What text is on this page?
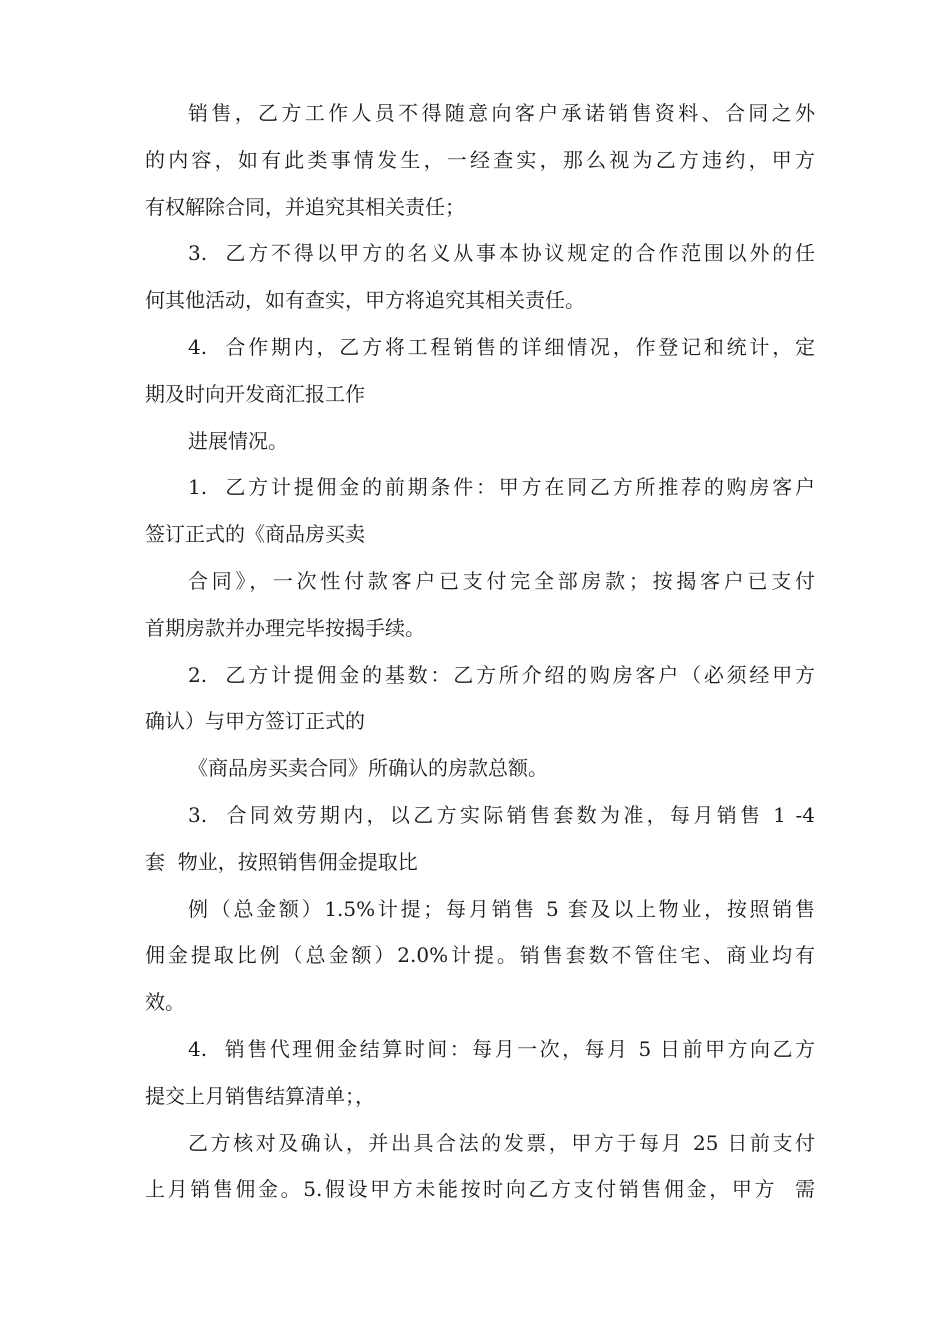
销售，乙方工作人员不得随意向客户承诺销售资料、合同之外
的内容，如有此类事情发生，一经查实，那么视为乙方违约，甲方
有权解除合同，并追究其相关责任；
3.  乙方不得以甲方的名义从事本协议规定的合作范围以外的任
何其他活动，如有查实，甲方将追究其相关责任。
4.  合作期内，乙方将工程销售的详细情况，作登记和统计，定
期及时向开发商汇报工作
进展情况。
1.  乙方计提佣金的前期条件：甲方在同乙方所推荐的购房客户
签订正式的《商品房买卖
合同》，一次性付款客户已支付完全部房款；按揭客户已支付
首期房款并办理完毕按揭手续。
2.  乙方计提佣金的基数：乙方所介绍的购房客户（必须经甲方
确认）与甲方签订正式的
《商品房买卖合同》所确认的房款总额。
3.  合同效劳期内，以乙方实际销售套数为准，每月销售 1 -4
套  物业，按照销售佣金提取比
例（总金额）1.5%计提；每月销售 5 套及以上物业，按照销售
佣金提取比例（总金额）2.0%计提。销售套数不管住宅、商业均有
效。
4.  销售代理佣金结算时间：每月一次，每月 5 日前甲方向乙方
提交上月销售结算清单；，
乙方核对及确认，并出具合法的发票，甲方于每月 25 日前支付
上月销售佣金。5.假设甲方未能按时向乙方支付销售佣金，甲方  需
